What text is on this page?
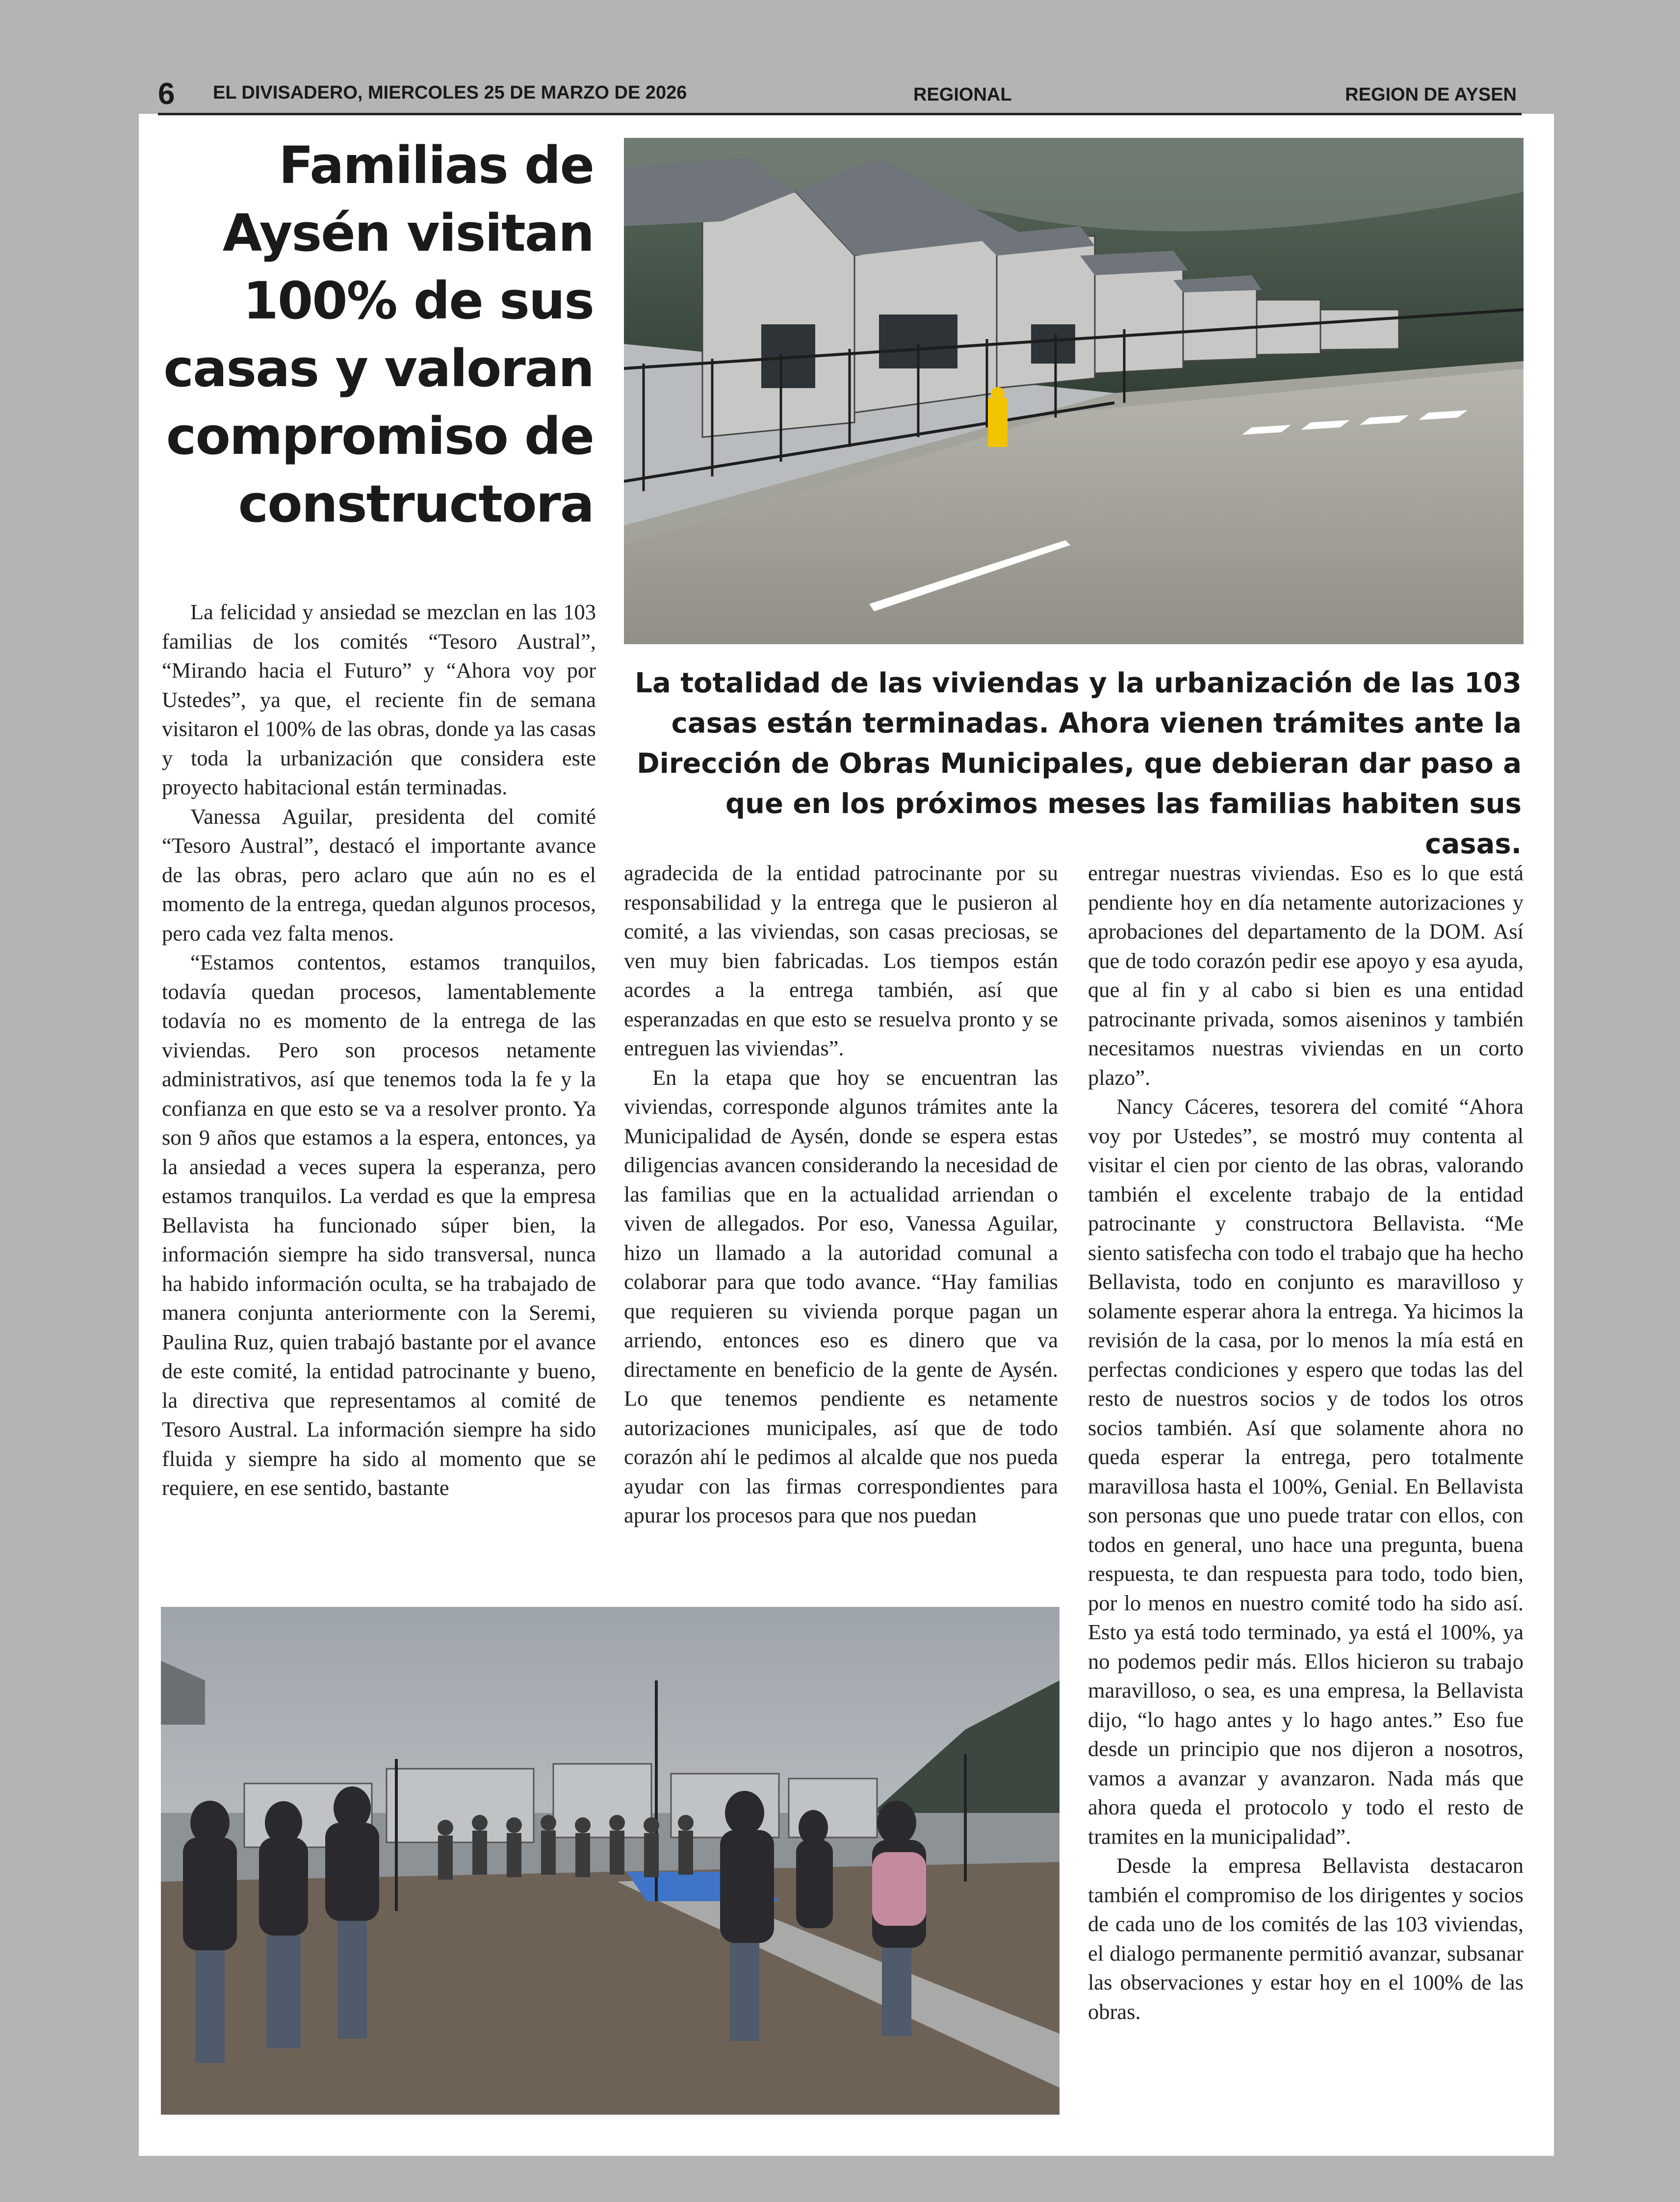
6 EL DIVISADERO, MIERCOLES 25 DE MARZO DE 2026	REGIONAL	REGION DE AYSEN
Familias de Aysén visitan 100% de sus casas y valoran compromiso de constructora

La totalidad de las viviendas y la urbanización de las 103 casas están terminadas. Ahora vienen trámites ante la Dirección de Obras Municipales, que debieran dar paso a que en los próximos meses las familias habiten sus casas.

La felicidad y ansiedad se mezclan en las 103 familias de los comités “Tesoro Austral”, “Mirando hacia el Futuro” y “Ahora voy por Ustedes”, ya que, el reciente fin de semana visitaron el 100% de las obras, donde ya las casas y toda la urbanización que considera este proyecto habitacional están terminadas.

Vanessa Aguilar, presidenta del comité “Tesoro Austral”, destacó el importante avance de las obras, pero aclaro que aún no es el momento de la entrega, quedan algunos procesos, pero cada vez falta menos.

“Estamos contentos, estamos tranquilos, todavía quedan procesos, lamentablemente todavía no es momento de la entrega de las viviendas. Pero son procesos netamente administrativos, así que tenemos toda la fe y la confianza en que esto se va a resolver pronto. Ya son 9 años que estamos a la espera, entonces, ya la ansiedad a veces supera la esperanza, pero estamos tranquilos. La verdad es que la empresa Bellavista ha funcionado súper bien, la información siempre ha sido transversal, nunca ha habido información oculta, se ha trabajado de manera conjunta anteriormente con la Seremi, Paulina Ruz, quien trabajó bastante por el avance de este comité, la entidad patrocinante y bueno, la directiva que representamos al comité de Tesoro Austral. La información siempre ha sido fluida y siempre ha sido al momento que se requiere, en ese sentido, bastante

agradecida de la entidad patrocinante por su responsabilidad y la entrega que le pusieron al comité, a las viviendas, son casas preciosas, se ven muy bien fabricadas. Los tiempos están acordes a la entrega también, así que esperanzadas en que esto se resuelva pronto y se entreguen las viviendas”.

En la etapa que hoy se encuentran las viviendas, corresponde algunos trámites ante la Municipalidad de Aysén, donde se espera estas diligencias avancen considerando la necesidad de las familias que en la actualidad arriendan o viven de allegados. Por eso, Vanessa Aguilar, hizo un llamado a la autoridad comunal a colaborar para que todo avance. “Hay familias que requieren su vivienda porque pagan un arriendo, entonces eso es dinero que va directamente en beneficio de la gente de Aysén. Lo que tenemos pendiente es netamente autorizaciones municipales, así que de todo corazón ahí le pedimos al alcalde que nos pueda ayudar con las firmas correspondientes para apurar los procesos para que nos puedan

entregar nuestras viviendas. Eso es lo que está pendiente hoy en día netamente autorizaciones y aprobaciones del departamento de la DOM. Así que de todo corazón pedir ese apoyo y esa ayuda, que al fin y al cabo si bien es una entidad patrocinante privada, somos aiseninos y también necesitamos nuestras viviendas en un corto plazo”.

Nancy Cáceres, tesorera del comité “Ahora voy por Ustedes”, se mostró muy contenta al visitar el cien por ciento de las obras, valorando también el excelente trabajo de la entidad patrocinante y constructora Bellavista. “Me siento satisfecha con todo el trabajo que ha hecho Bellavista, todo en conjunto es maravilloso y solamente esperar ahora la entrega. Ya hicimos la revisión de la casa, por lo menos la mía está en perfectas condiciones y espero que todas las del resto de nuestros socios y de todos los otros socios también. Así que solamente ahora no queda esperar la entrega, pero totalmente maravillosa hasta el 100%, Genial. En Bellavista son personas que uno puede tratar con ellos, con todos en general, uno hace una pregunta, buena respuesta, te dan respuesta para todo, todo bien, por lo menos en nuestro comité todo ha sido así. Esto ya está todo terminado, ya está el 100%, ya no podemos pedir más. Ellos hicieron su trabajo maravilloso, o sea, es una empresa, la Bellavista dijo, “lo hago antes y lo hago antes.” Eso fue desde un principio que nos dijeron a nosotros, vamos a avanzar y avanzaron. Nada más que ahora queda el protocolo y todo el resto de tramites en la municipalidad”.

Desde la empresa Bellavista destacaron también el compromiso de los dirigentes y socios de cada uno de los comités de las 103 viviendas, el dialogo permanente permitió avanzar, subsanar las observaciones y estar hoy en el 100% de las obras.
